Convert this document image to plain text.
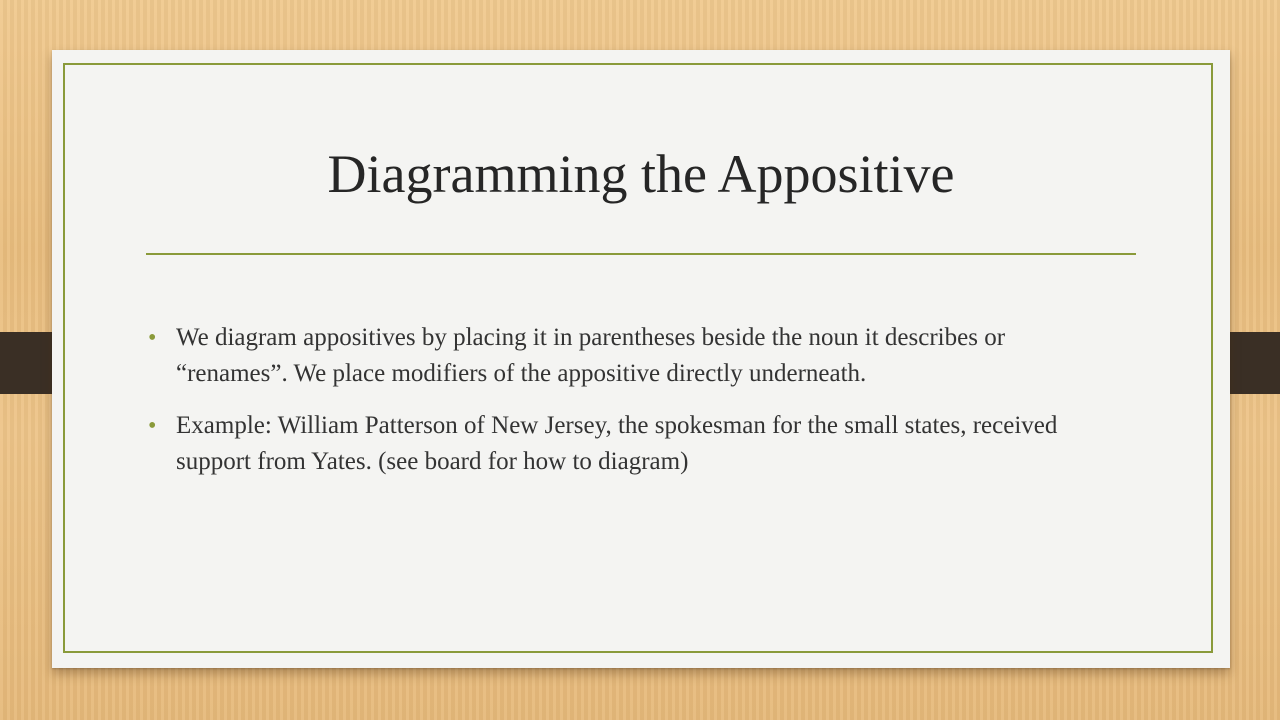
Diagramming the Appositive
• We diagram appositives by placing it in parentheses beside the noun it describes or “renames”. We place modifiers of the appositive directly underneath.
• Example: William Patterson of New Jersey, the spokesman for the small states, received support from Yates. (see board for how to diagram)
